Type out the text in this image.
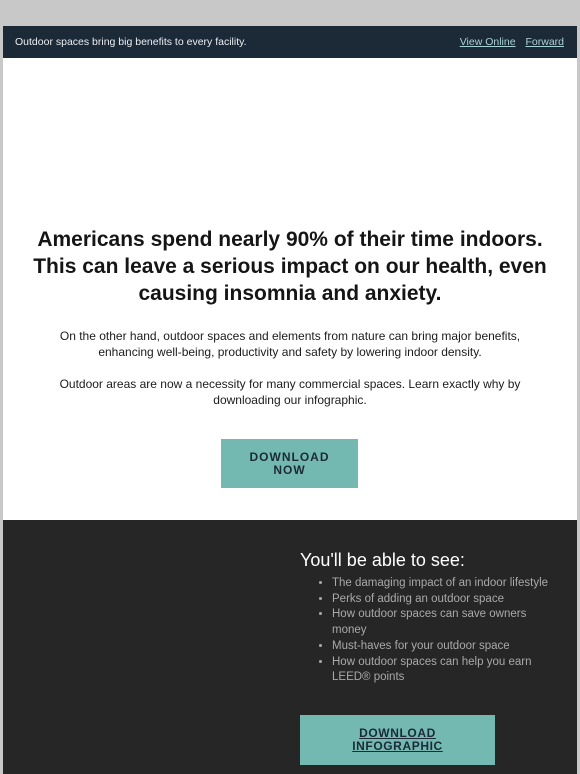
Outdoor spaces bring big benefits to every facility.	View Online Forward
Americans spend nearly 90% of their time indoors. This can leave a serious impact on our health, even causing insomnia and anxiety.

On the other hand, outdoor spaces and elements from nature can bring major benefits, enhancing well-being, productivity and safety by lowering indoor density.

Outdoor areas are now a necessity for many commercial spaces. Learn exactly why by downloading our infographic.

DOWNLOAD NOW
You'll be able to see:
• The damaging impact of an indoor lifestyle
• Perks of adding an outdoor space
• How outdoor spaces can save owners money
• Must-haves for your outdoor space
• How outdoor spaces can help you earn LEED® points
DOWNLOAD INFOGRAPHIC
